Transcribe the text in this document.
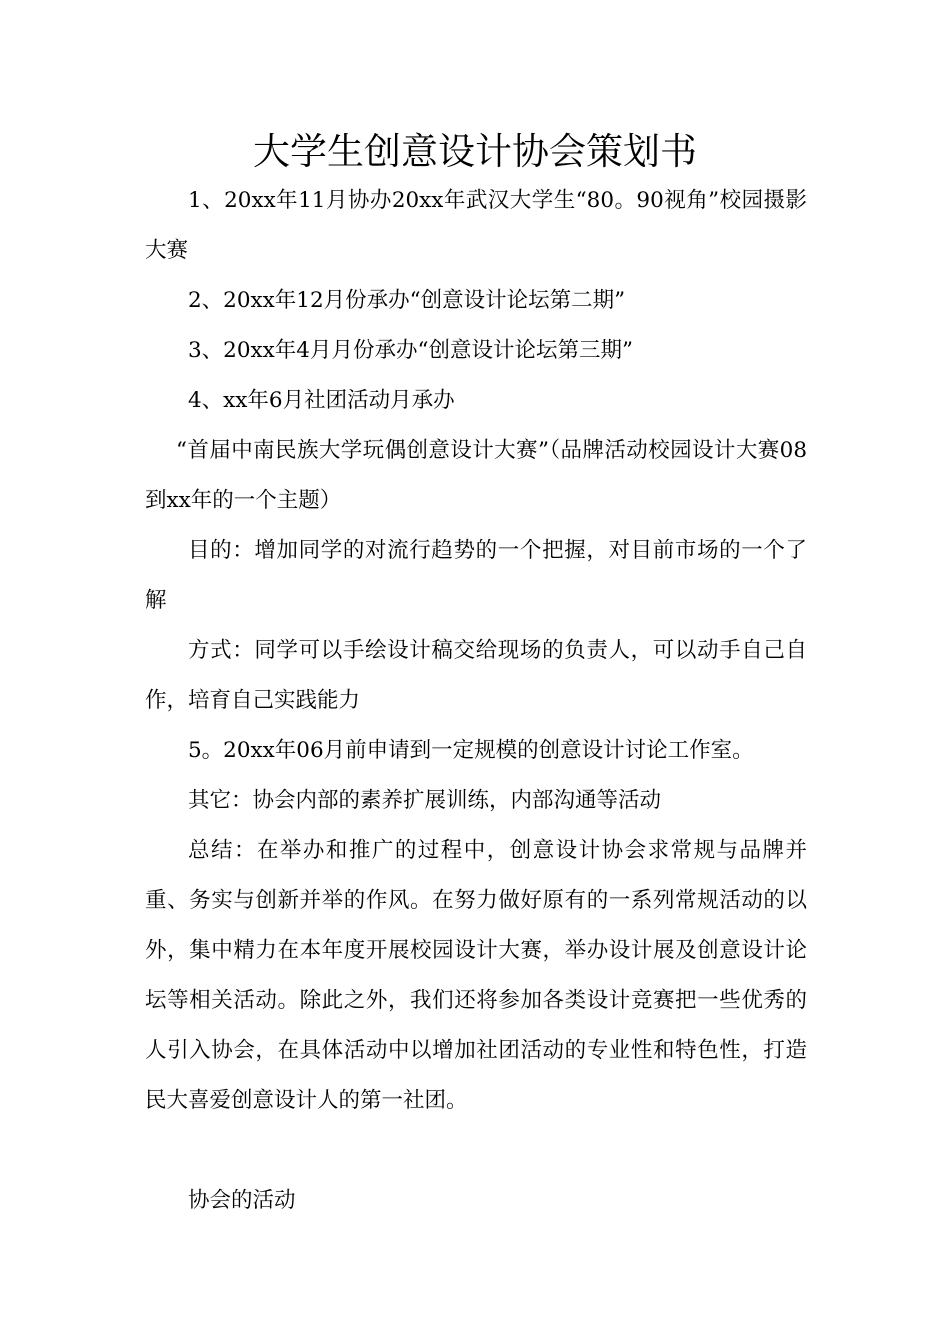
大学生创意设计协会策划书

1、20xx年11月协办20xx年武汉大学生“80。90视角”校园摄影大赛

2、20xx年12月份承办“创意设计论坛第二期”

3、20xx年4月月份承办“创意设计论坛第三期”

4、xx年6月社团活动月承办

“首届中南民族大学玩偶创意设计大赛”（品牌活动校园设计大赛08到xx年的一个主题）

目的：增加同学的对流行趋势的一个把握，对目前市场的一个了解

方式：同学可以手绘设计稿交给现场的负责人，可以动手自己自作，培育自己实践能力

5。20xx年06月前申请到一定规模的创意设计讨论工作室。

其它：协会内部的素养扩展训练，内部沟通等活动

总结：在举办和推广的过程中，创意设计协会求常规与品牌并重、务实与创新并举的作风。在努力做好原有的一系列常规活动的以外，集中精力在本年度开展校园设计大赛，举办设计展及创意设计论坛等相关活动。除此之外，我们还将参加各类设计竞赛把一些优秀的人引入协会，在具体活动中以增加社团活动的专业性和特色性，打造民大喜爱创意设计人的第一社团。

协会的活动
